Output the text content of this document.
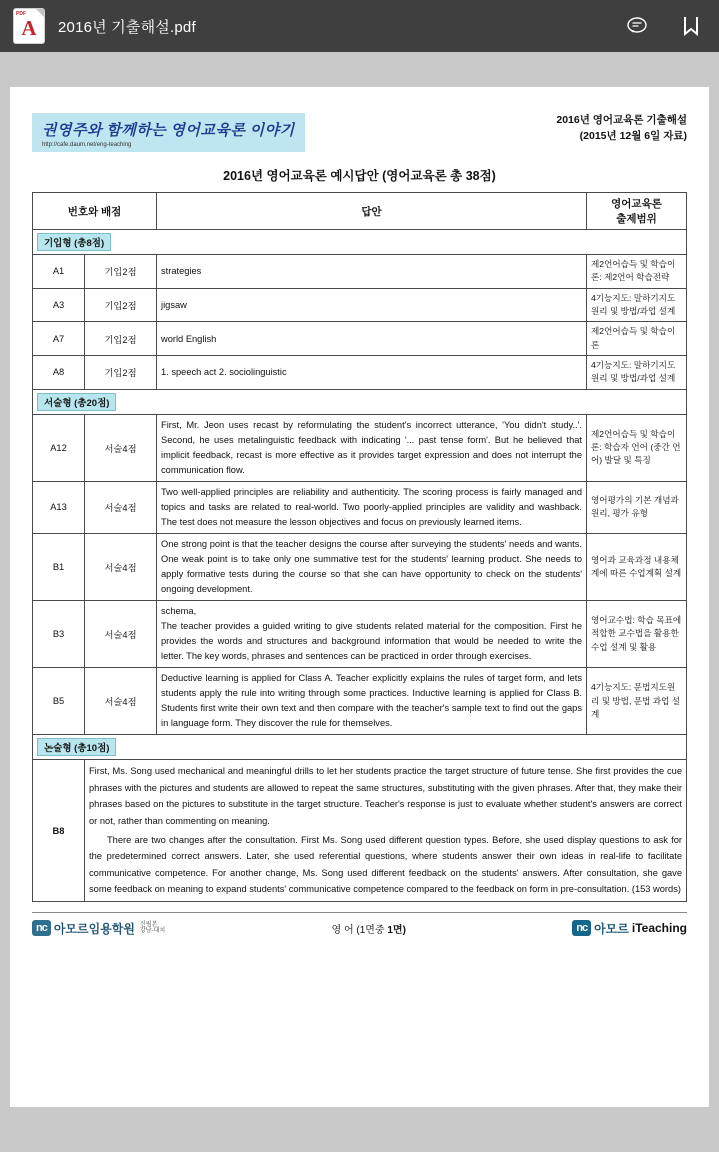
PDF
A	2016년 기출해설.pdf
권영주와 함께하는 영어교육론 이야기
http://cafe.daum.net/eng-teaching
2016년 영어교육론 기출해설
(2015년 12월 6일 자료)
2016년 영어교육론 예시답안 (영어교육론 총 38점)
번호와 배점		답안	영어교육론
출제범위
기입형 (총8점)			
A1	기입2점	strategies	제2언어습득 및 학습이론: 제2언어 학습전략
A3	기입2점	jigsaw	4기능지도: 말하기지도원리 및 방법/과업 설계
A7	기입2점	world English	제2언어습득 및 학습이론
A8	기입2점	1. speech act 2. sociolinguistic	4기능지도: 말하기지도 원리 및 방법/과업 설계
서술형 (총20점)			
A12	서술4점	First, Mr. Jeon uses recast by reformulating the student's incorrect utterance, 'You didn't study..'. Second, he uses metalinguistic feedback with indicating '... past tense form'. But he believed that implicit feedback, recast is more effective as it provides target expression and does not interrupt the communication flow.	제2언어습득 및 학습이론: 학습자 언어 (중간 언어) 발달 및 특징
A13	서술4점	Two well-applied principles are reliability and authenticity. The scoring process is fairly managed and topics and tasks are related to real-world. Two poorly-applied principles are validity and washback. The test does not measure the lesson objectives and focus on previously learned items.	영어평가의 기본 개념과 원리, 평가 유형
B1	서술4점	One strong point is that the teacher designs the course after surveying the students' needs and wants. One weak point is to take only one summative test for the students' learning product. She needs to apply formative tests during the course so that she can have opportunity to check on the students' ongoing development.	영어과 교육과정 내용체계에 따른 수업계획 설계
B3	서술4점	schema,
The teacher provides a guided writing to give students related material for the composition. First he provides the words and structures and background information that would be needed to write the letter. The key words, phrases and sentences can be practiced in order through exercises.	영어교수법: 학습 목표에 적합한 교수법을 활용한 수업 설계 및 활용
B5	서술4점	Deductive learning is applied for Class A. Teacher explicitly explains the rules of target form, and lets students apply the rule into writing through some practices. Inductive learning is applied for Class B. Students first write their own text and then compare with the teacher's sample text to find out the gaps in language form. They discover the rule for themselves.	4기능지도: 문법지도원리 및 방법, 문법 과업 설계
논술형 (총10점)			
B8	First, Ms. Song used mechanical and meaningful drills to let her students practice the target structure of future tense. She first provides the cue phrases with the pictures and students are allowed to repeat the same structures, substituting with the given phrases. After that, they make their phrases based on the pictures to substitute in the target structure. Teacher's response is just to evaluate whether student's answers are correct or not, rather than commenting on meaning.

There are two changes after the consultation. First Ms. Song used different question types. Before, she used display questions to ask for the predetermined correct answers. Later, she used referential questions, where students answer their own ideas in real-life to facilitate communicative competence. For another change, Ms. Song used different feedback on the students' answers. After consultation, she gave some feedback on meaning to expand students' communicative competence compared to the feedback on form in pre-consultation. (153 words)		

nc 아모르임용학원 신림본
강남·대치	영 어 (1면중 1면)	nc 아모르 iTeaching
